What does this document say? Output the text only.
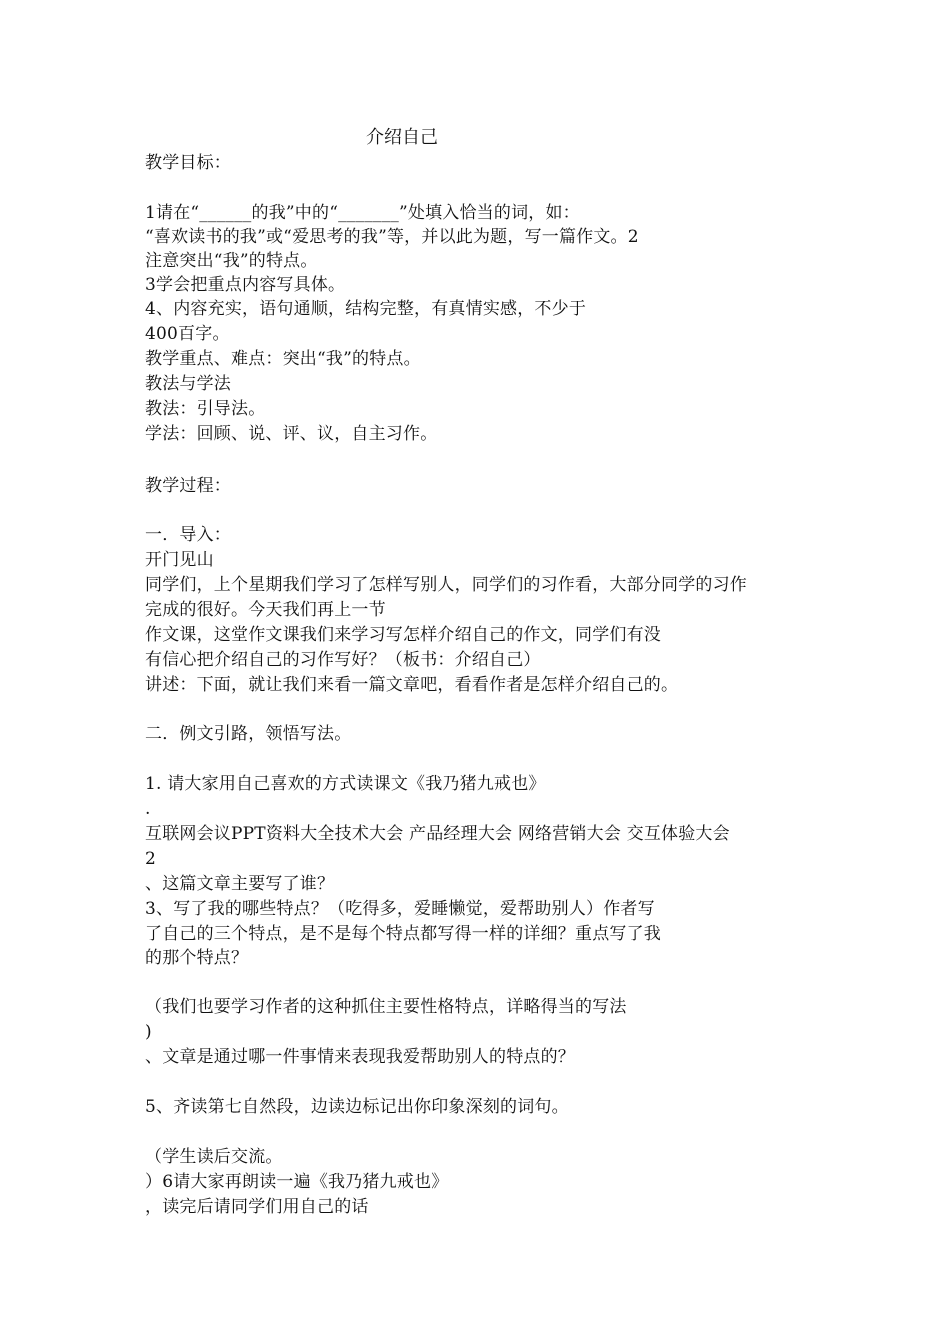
介绍自己
教学目标：
1请在“______的我”中的“_______”处填入恰当的词，如：
“喜欢读书的我”或“爱思考的我”等，并以此为题，写一篇作文。2
注意突出“我”的特点。
3学会把重点内容写具体。
4、内容充实，语句通顺，结构完整，有真情实感，不少于
400百字。
教学重点、难点：突出“我”的特点。
教法与学法
教法：引导法。
学法：回顾、说、评、议，自主习作。
教学过程：
一．导入：
开门见山
同学们，上个星期我们学习了怎样写别人，同学们的习作看，大部分同学的习作
完成的很好。今天我们再上一节
作文课，这堂作文课我们来学习写怎样介绍自己的作文，同学们有没
有信心把介绍自己的习作写好？（板书：介绍自己）
讲述：下面，就让我们来看一篇文章吧，看看作者是怎样介绍自己的。
二．例文引路，领悟写法。
1. 请大家用自己喜欢的方式读课文《我乃猪九戒也》
.
互联网会议PPT资料大全技术大会 产品经理大会 网络营销大会 交互体验大会
2
、这篇文章主要写了谁？
3、写了我的哪些特点？（吃得多，爱睡懒觉，爱帮助别人）作者写
了自己的三个特点，是不是每个特点都写得一样的详细？重点写了我
的那个特点？
（我们也要学习作者的这种抓住主要性格特点，详略得当的写法
)
、文章是通过哪一件事情来表现我爱帮助别人的特点的？
5、齐读第七自然段，边读边标记出你印象深刻的词句。
（学生读后交流。
）6请大家再朗读一遍《我乃猪九戒也》
，读完后请同学们用自己的话
